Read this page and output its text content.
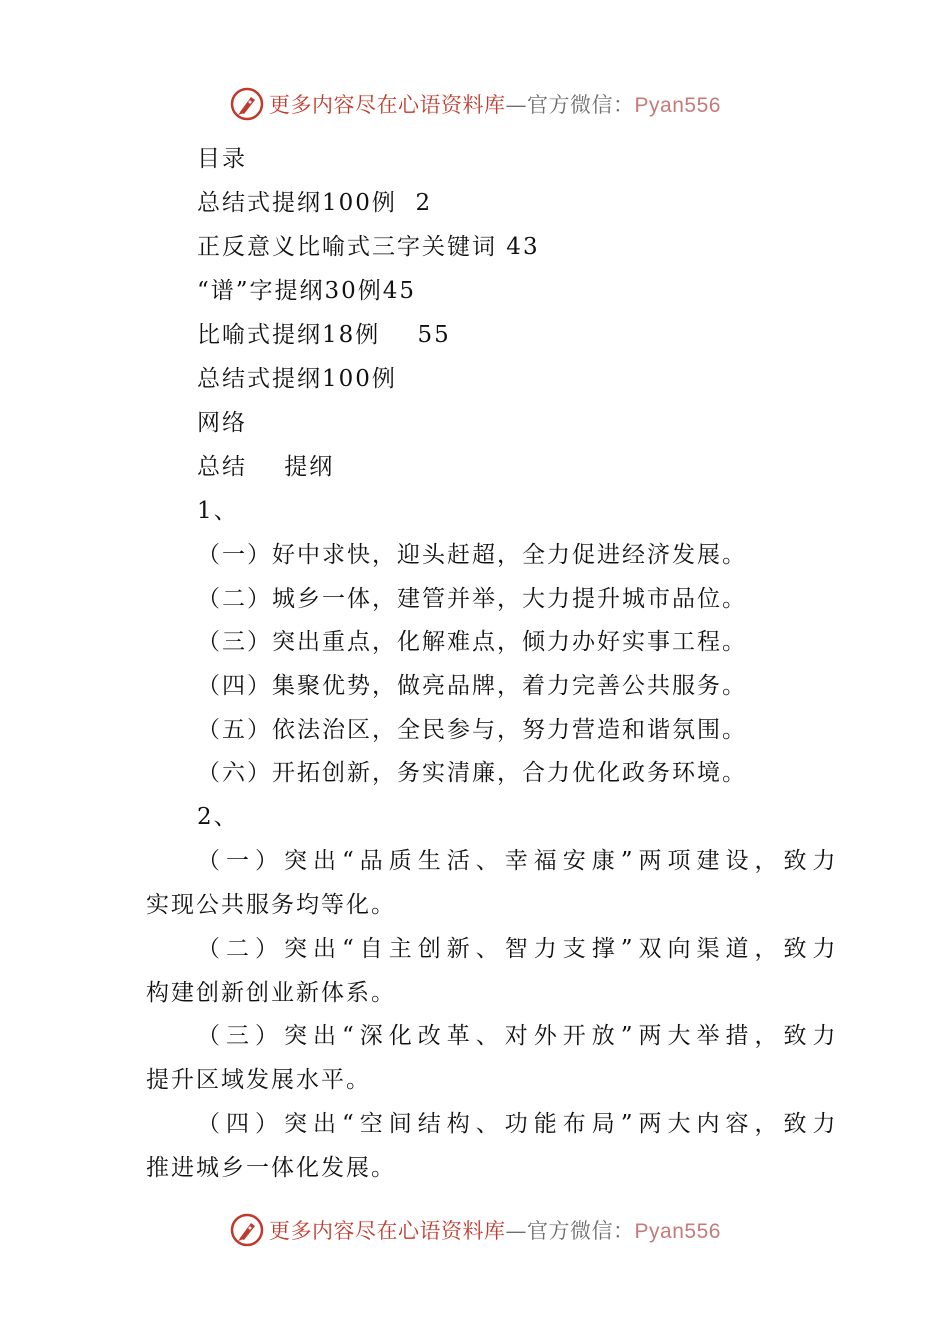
更多内容尽在心语资料库—官方微信：Pyan556
目录
总结式提纲100例  2
正反意义比喻式三字关键词 43
“谱”字提纲30例45
比喻式提纲18例    55
总结式提纲100例
网络
总结    提纲
1、
（一）好中求快，迎头赶超，全力促进经济发展。
（二）城乡一体，建管并举，大力提升城市品位。
（三）突出重点，化解难点，倾力办好实事工程。
（四）集聚优势，做亮品牌，着力完善公共服务。
（五）依法治区，全民参与，努力营造和谐氛围。
（六）开拓创新，务实清廉，合力优化政务环境。
2、
（一）突出“品质生活、幸福安康”两项建设，致力
实现公共服务均等化。
（二）突出“自主创新、智力支撑”双向渠道，致力
构建创新创业新体系。
（三）突出“深化改革、对外开放”两大举措，致力
提升区域发展水平。
（四）突出“空间结构、功能布局”两大内容，致力
推进城乡一体化发展。
更多内容尽在心语资料库—官方微信：Pyan556
